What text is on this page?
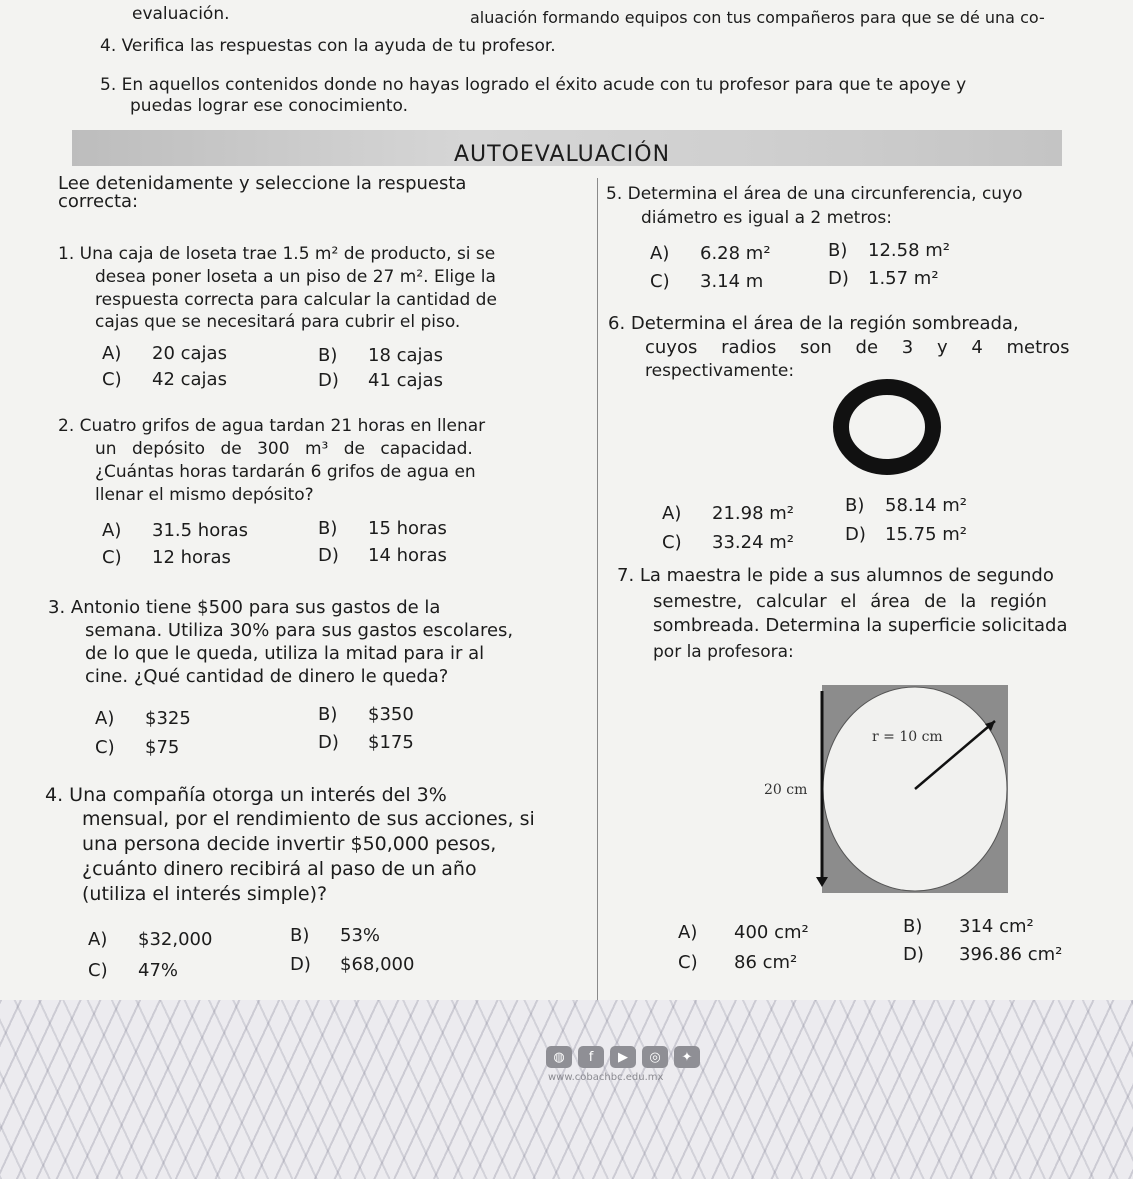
evaluación.	aluación formando equipos con tus compañeros para que se dé una co-
4. Verifica las respuestas con la ayuda de tu profesor.
5. En aquellos contenidos donde no hayas logrado el éxito acude con tu profesor para que te apoye y
puedas lograr ese conocimiento.
AUTOEVALUACIÓN
Lee detenidamente y seleccione la respuesta
correcta:
1. Una caja de loseta trae 1.5 m² de producto, si se
desea poner loseta a un piso de 27 m². Elige la
respuesta correcta para calcular la cantidad de
cajas que se necesitará para cubrir el piso.
A) 20 cajas	B) 18 cajas
C) 42 cajas	D) 41 cajas
2. Cuatro grifos de agua tardan 21 horas en llenar
un depósito de 300 m³ de capacidad.
¿Cuántas horas tardarán 6 grifos de agua en
llenar el mismo depósito?
A) 31.5 horas	B) 15 horas
C) 12 horas	D) 14 horas
3. Antonio tiene $500 para sus gastos de la
semana. Utiliza 30% para sus gastos escolares,
de lo que le queda, utiliza la mitad para ir al
cine. ¿Qué cantidad de dinero le queda?
A) $325	B) $350
C) $75	D) $175
4. Una compañía otorga un interés del 3%
mensual, por el rendimiento de sus acciones, si
una persona decide invertir $50,000 pesos,
¿cuánto dinero recibirá al paso de un año
(utiliza el interés simple)?
A) $32,000	B) 53%
C) 47%	D) $68,000
5. Determina el área de una circunferencia, cuyo
diámetro es igual a 2 metros:
A) 6.28 m²	B) 12.58 m²
C) 3.14 m	D) 1.57 m²
6. Determina el área de la región sombreada,
cuyos radios son de 3 y 4 metros
respectivamente:
A) 21.98 m²	B) 58.14 m²
C) 33.24 m²	D) 15.75 m²
7. La maestra le pide a sus alumnos de segundo
semestre, calcular el área de la región
sombreada. Determina la superficie solicitada
por la profesora:
r = 10 cm
20 cm
A) 400 cm²	B) 314 cm²
C) 86 cm²	D) 396.86 cm²
◍	f	▶	◎	✦
www.cobachbc.edu.mx
